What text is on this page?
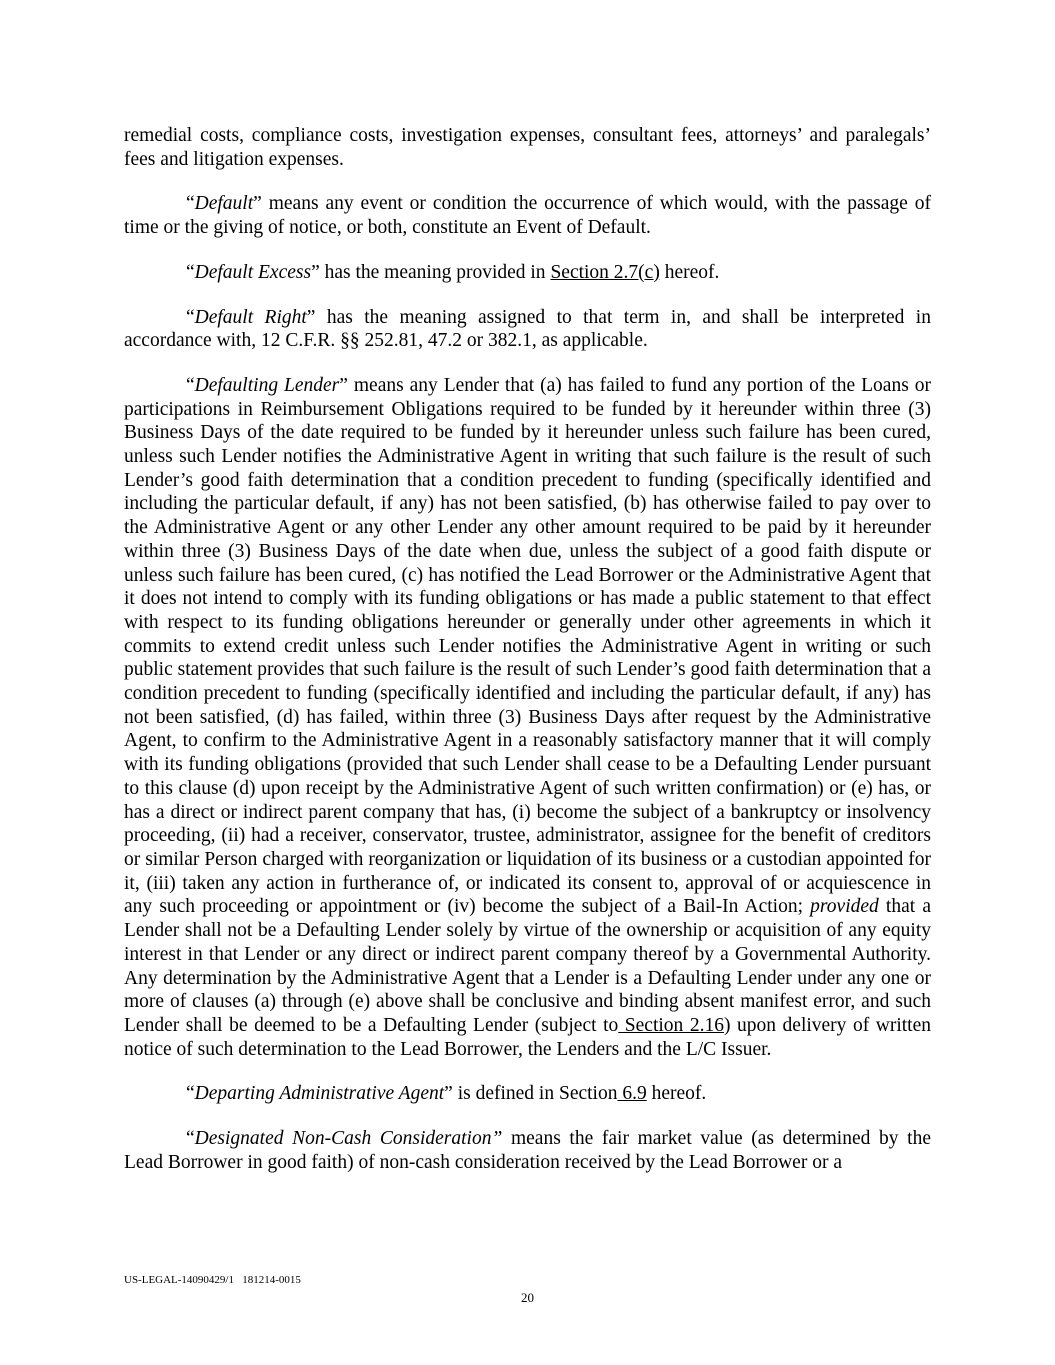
remedial costs, compliance costs, investigation expenses, consultant fees, attorneys’ and paralegals’ fees and litigation expenses.

“Default” means any event or condition the occurrence of which would, with the passage of time or the giving of notice, or both, constitute an Event of Default.

“Default Excess” has the meaning provided in Section 2.7(c) hereof.

“Default Right” has the meaning assigned to that term in, and shall be interpreted in accordance with, 12 C.F.R. §§ 252.81, 47.2 or 382.1, as applicable.

“Defaulting Lender” means any Lender that (a) has failed to fund any portion of the Loans or participations in Reimbursement Obligations required to be funded by it hereunder within three (3) Business Days of the date required to be funded by it hereunder unless such failure has been cured, unless such Lender notifies the Administrative Agent in writing that such failure is the result of such Lender’s good faith determination that a condition precedent to funding (specifically identified and including the particular default, if any) has not been satisfied, (b) has otherwise failed to pay over to the Administrative Agent or any other Lender any other amount required to be paid by it hereunder within three (3) Business Days of the date when due, unless the subject of a good faith dispute or unless such failure has been cured, (c) has notified the Lead Borrower or the Administrative Agent that it does not intend to comply with its funding obligations or has made a public statement to that effect with respect to its funding obligations hereunder or generally under other agreements in which it commits to extend credit unless such Lender notifies the Administrative Agent in writing or such public statement provides that such failure is the result of such Lender’s good faith determination that a condition precedent to funding (specifically identified and including the particular default, if any) has not been satisfied, (d) has failed, within three (3) Business Days after request by the Administrative Agent, to confirm to the Administrative Agent in a reasonably satisfactory manner that it will comply with its funding obligations (provided that such Lender shall cease to be a Defaulting Lender pursuant to this clause (d) upon receipt by the Administrative Agent of such written confirmation) or (e) has, or has a direct or indirect parent company that has, (i) become the subject of a bankruptcy or insolvency proceeding, (ii) had a receiver, conservator, trustee, administrator, assignee for the benefit of creditors or similar Person charged with reorganization or liquidation of its business or a custodian appointed for it, (iii) taken any action in furtherance of, or indicated its consent to, approval of or acquiescence in any such proceeding or appointment or (iv) become the subject of a Bail-In Action; provided that a Lender shall not be a Defaulting Lender solely by virtue of the ownership or acquisition of any equity interest in that Lender or any direct or indirect parent company thereof by a Governmental Authority. Any determination by the Administrative Agent that a Lender is a Defaulting Lender under any one or more of clauses (a) through (e) above shall be conclusive and binding absent manifest error, and such Lender shall be deemed to be a Defaulting Lender (subject to Section 2.16) upon delivery of written notice of such determination to the Lead Borrower, the Lenders and the L/C Issuer.

“Departing Administrative Agent” is defined in Section 6.9 hereof.

“Designated Non-Cash Consideration” means the fair market value (as determined by the Lead Borrower in good faith) of non-cash consideration received by the Lead Borrower or a

US-LEGAL-14090429/1   181214-0015
20
